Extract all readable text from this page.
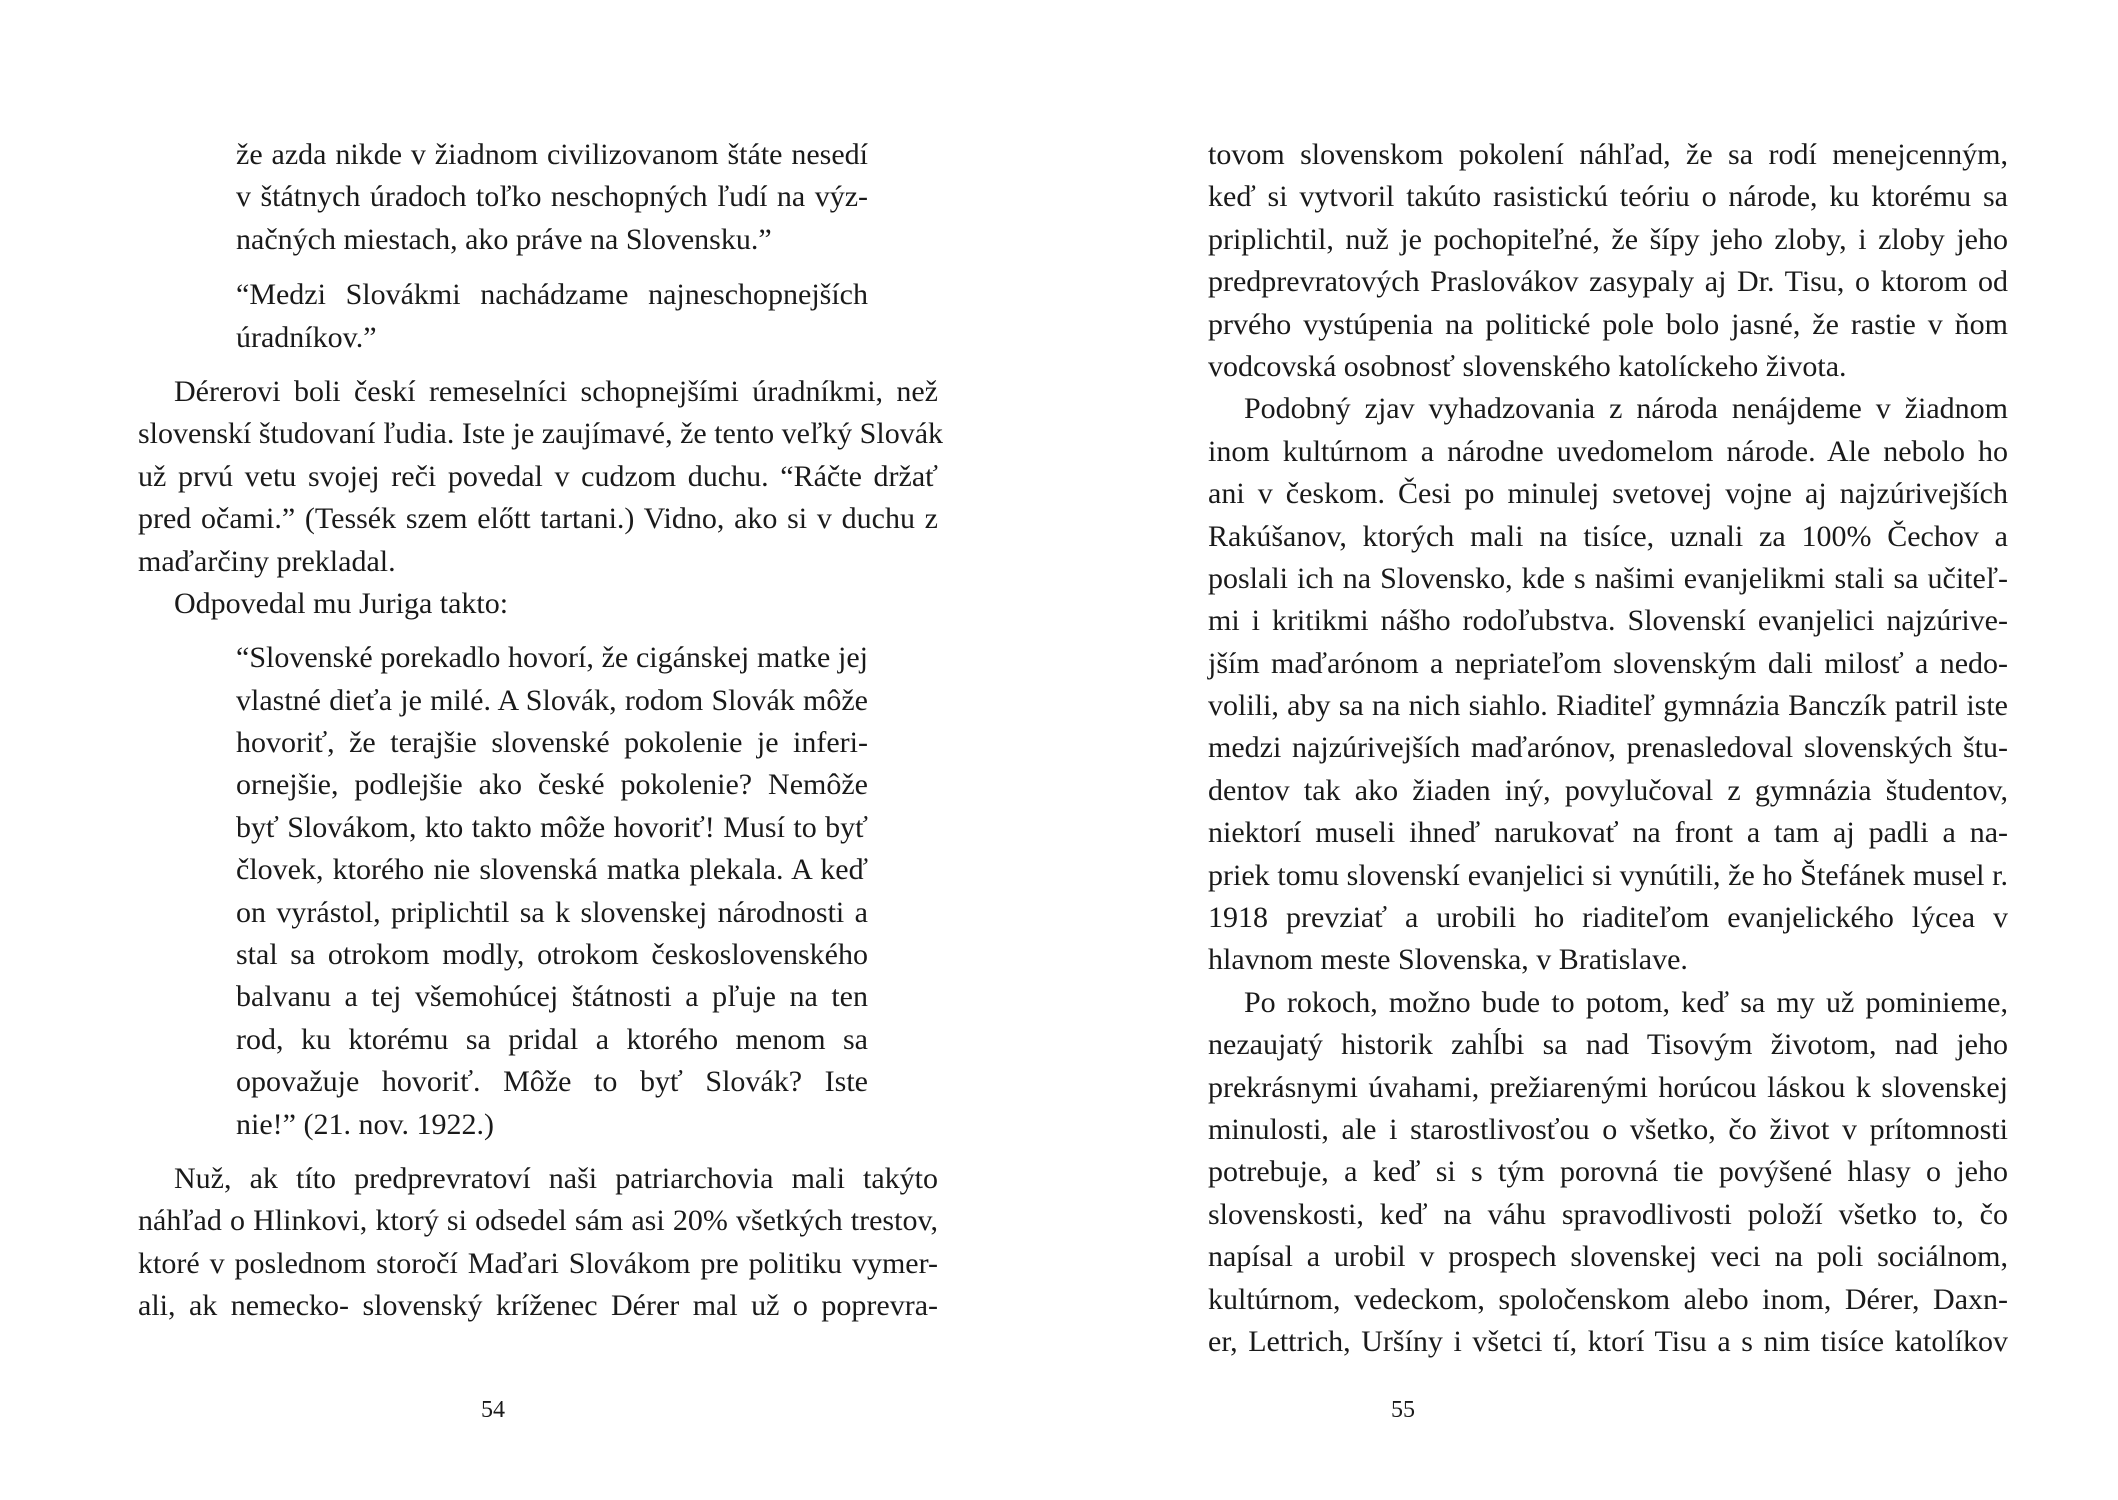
že azda nikde v žiadnom civilizovanom štáte nesedí
v štátnych úradoch toľko neschopných ľudí na výz-
načných miestach, ako práve na Slovensku.”
“Medzi Slovákmi nachádzame najneschopnejších
úradníkov.”
Dérerovi boli českí remeselníci schopnejšími úradníkmi, než
slovenskí študovaní ľudia. Iste je zaujímavé, že tento veľký Slovák
už prvú vetu svojej reči povedal v cudzom duchu. “Ráčte držať
pred očami.” (Tessék szem előtt tartani.) Vidno, ako si v duchu z
maďarčiny prekladal.
Odpovedal mu Juriga takto:
“Slovenské porekadlo hovorí, že cigánskej matke jej
vlastné dieťa je milé. A Slovák, rodom Slovák môže
hovoriť, že terajšie slovenské pokolenie je inferi-
ornejšie, podlejšie ako české pokolenie? Nemôže
byť Slovákom, kto takto môže hovoriť! Musí to byť
človek, ktorého nie slovenská matka plekala. A keď
on vyrástol, priplichtil sa k slovenskej národnosti a
stal sa otrokom modly, otrokom československého
balvanu a tej všemohúcej štátnosti a pľuje na ten
rod, ku ktorému sa pridal a ktorého menom sa
opovažuje hovoriť. Môže to byť Slovák? Iste
nie!” (21. nov. 1922.)
Nuž, ak títo predprevratoví naši patriarchovia mali takýto
náhľad o Hlinkovi, ktorý si odsedel sám asi 20% všetkých trestov,
ktoré v poslednom storočí Maďari Slovákom pre politiku vymer-
ali, ak nemecko- slovenský kríženec Dérer mal už o poprevra-
54
tovom slovenskom pokolení náhľad, že sa rodí menejcenným,
keď si vytvoril takúto rasistickú teóriu o národe, ku ktorému sa
priplichtil, nuž je pochopiteľné, že šípy jeho zloby, i zloby jeho
predprevratových Praslovákov zasypaly aj Dr. Tisu, o ktorom od
prvého vystúpenia na politické pole bolo jasné, že rastie v ňom
vodcovská osobnosť slovenského katolíckeho života.
Podobný zjav vyhadzovania z národa nenájdeme v žiadnom
inom kultúrnom a národne uvedomelom národe. Ale nebolo ho
ani v českom. Česi po minulej svetovej vojne aj najzúrivejších
Rakúšanov, ktorých mali na tisíce, uznali za 100% Čechov a
poslali ich na Slovensko, kde s našimi evanjelikmi stali sa učiteľ-
mi i kritikmi nášho rodoľubstva. Slovenskí evanjelici najzúrive-
jším maďarónom a nepriateľom slovenským dali milosť a nedo-
volili, aby sa na nich siahlo. Riaditeľ gymnázia Banczík patril iste
medzi najzúrivejších maďarónov, prenasledoval slovenských štu-
dentov tak ako žiaden iný, povylučoval z gymnázia študentov,
niektorí museli ihneď narukovať na front a tam aj padli a na-
priek tomu slovenskí evanjelici si vynútili, že ho Štefánek musel r.
1918 prevziať a urobili ho riaditeľom evanjelického lýcea v
hlavnom meste Slovenska, v Bratislave.
Po rokoch, možno bude to potom, keď sa my už pominieme,
nezaujatý historik zahĺbi sa nad Tisovým životom, nad jeho
prekrásnymi úvahami, prežiarenými horúcou láskou k slovenskej
minulosti, ale i starostlivosťou o všetko, čo život v prítomnosti
potrebuje, a keď si s tým porovná tie povýšené hlasy o jeho
slovenskosti, keď na váhu spravodlivosti položí všetko to, čo
napísal a urobil v prospech slovenskej veci na poli sociálnom,
kultúrnom, vedeckom, spoločenskom alebo inom, Dérer, Daxn-
er, Lettrich, Uršíny i všetci tí, ktorí Tisu a s nim tisíce katolíkov
55
